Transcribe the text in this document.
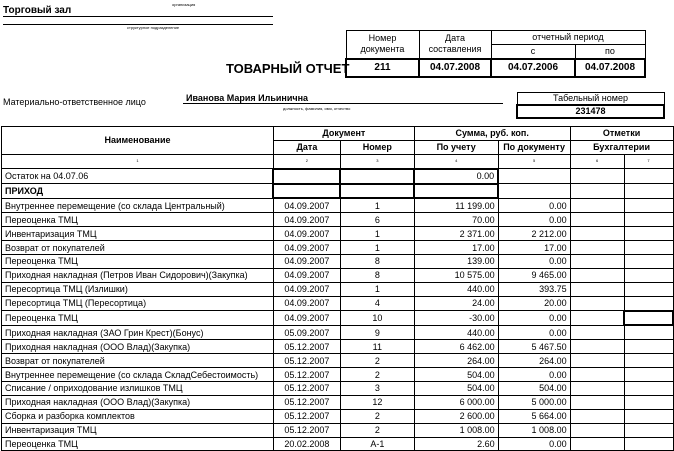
организация
Торговый зал
структурное подразделение
Номер документа	Дата составления	отчетный период	
		с	по
211	04.07.2008	04.07.2006	04.07.2008
ТОВАРНЫЙ ОТЧЕТ
Материально-ответственное лицо	Иванова Мария Ильинична
должность, фамилия, имя, отчество
Табельный номер
231478
Наименование	Документ		Сумма, руб. коп.		Отметки	
	Дата	Номер	По учету	По документу	Бухгалтерии	
1	2	3	4	5	6	7
Остаток на 04.07.06			0.00			
ПРИХОД						
Внутреннее перемещение (со склада Центральный)	04.09.2007	1	11 199.00	0.00		
Переоценка ТМЦ	04.09.2007	6	70.00	0.00		
Инвентаризация ТМЦ	04.09.2007	1	2 371.00	2 212.00		
Возврат от покупателей	04.09.2007	1	17.00	17.00		
Переоценка ТМЦ	04.09.2007	8	139.00	0.00		
Приходная накладная (Петров Иван Сидорович)(Закупка)	04.09.2007	8	10 575.00	9 465.00		
Пересортица ТМЦ (Излишки)	04.09.2007	1	440.00	393.75		
Пересортица ТМЦ (Пересортица)	04.09.2007	4	24.00	20.00		
Переоценка ТМЦ	04.09.2007	10	-30.00	0.00		
Приходная накладная (ЗАО Грин Крест)(Бонус)	05.09.2007	9	440.00	0.00		
Приходная накладная (ООО Влад)(Закупка)	05.12.2007	11	6 462.00	5 467.50		
Возврат от покупателей	05.12.2007	2	264.00	264.00		
Внутреннее перемещение (со склада СкладСебестоимость)	05.12.2007	2	504.00	0.00		
Списание / оприходование излишков ТМЦ	05.12.2007	3	504.00	504.00		
Приходная накладная (ООО Влад)(Закупка)	05.12.2007	12	6 000.00	5 000.00		
Сборка и разборка комплектов	05.12.2007	2	2 600.00	5 664.00		
Инвентаризация ТМЦ	05.12.2007	2	1 008.00	1 008.00		
Переоценка ТМЦ	20.02.2008	А-1	2.60	0.00		
